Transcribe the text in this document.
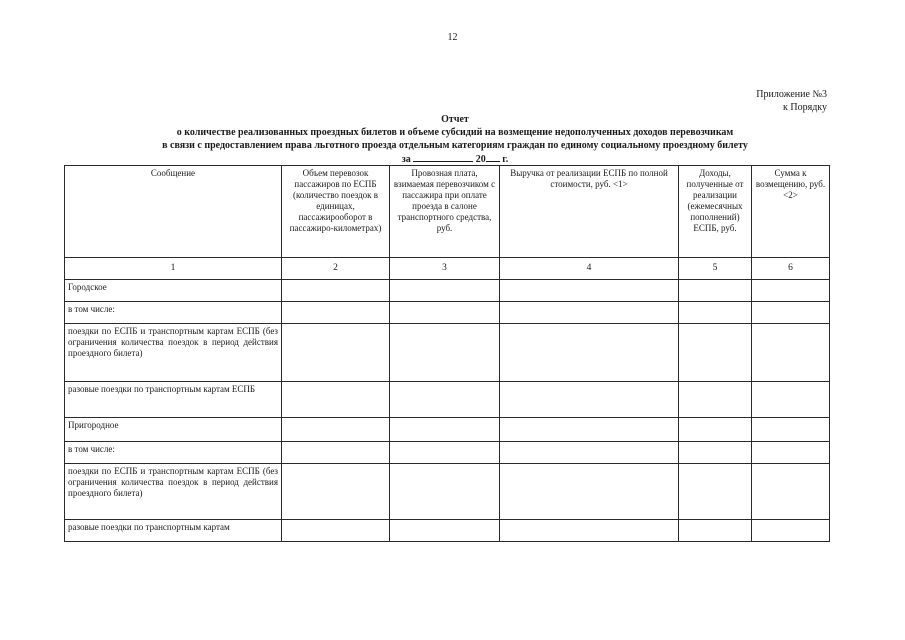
12
Приложение №3
к Порядку
Отчет
о количестве реализованных проездных билетов и объеме субсидий на возмещение недополученных доходов перевозчикам
в связи с предоставлением права льготного проезда отдельным категориям граждан по единому социальному проездному билету
за	20 г.
Сообщение	Объем перевозок пассажиров по ЕСПБ (количество поездок в единицах, пассажирооборот в пассажиро-километрах)	Провозная плата, взимаемая перевозчиком с пассажира при оплате проезда в салоне транспортного средства, руб.	Выручка от реализации ЕСПБ по полной стоимости, руб. <1>	Доходы, полученные от реализации (ежемесячных пополнений) ЕСПБ, руб.	Сумма к возмещению, руб. <2>
1	2	3	4	5	6
Городское					
в том числе:					
поездки по ЕСПБ и транспортным картам ЕСПБ (без ограничения количества поездок в период действия проездного билета)					
разовые поездки по транспортным картам ЕСПБ					
Пригородное					
в том числе:					
поездки по ЕСПБ и транспортным картам ЕСПБ (без ограничения количества поездок в период действия проездного билета)					
разовые поездки по транспортным картам					
